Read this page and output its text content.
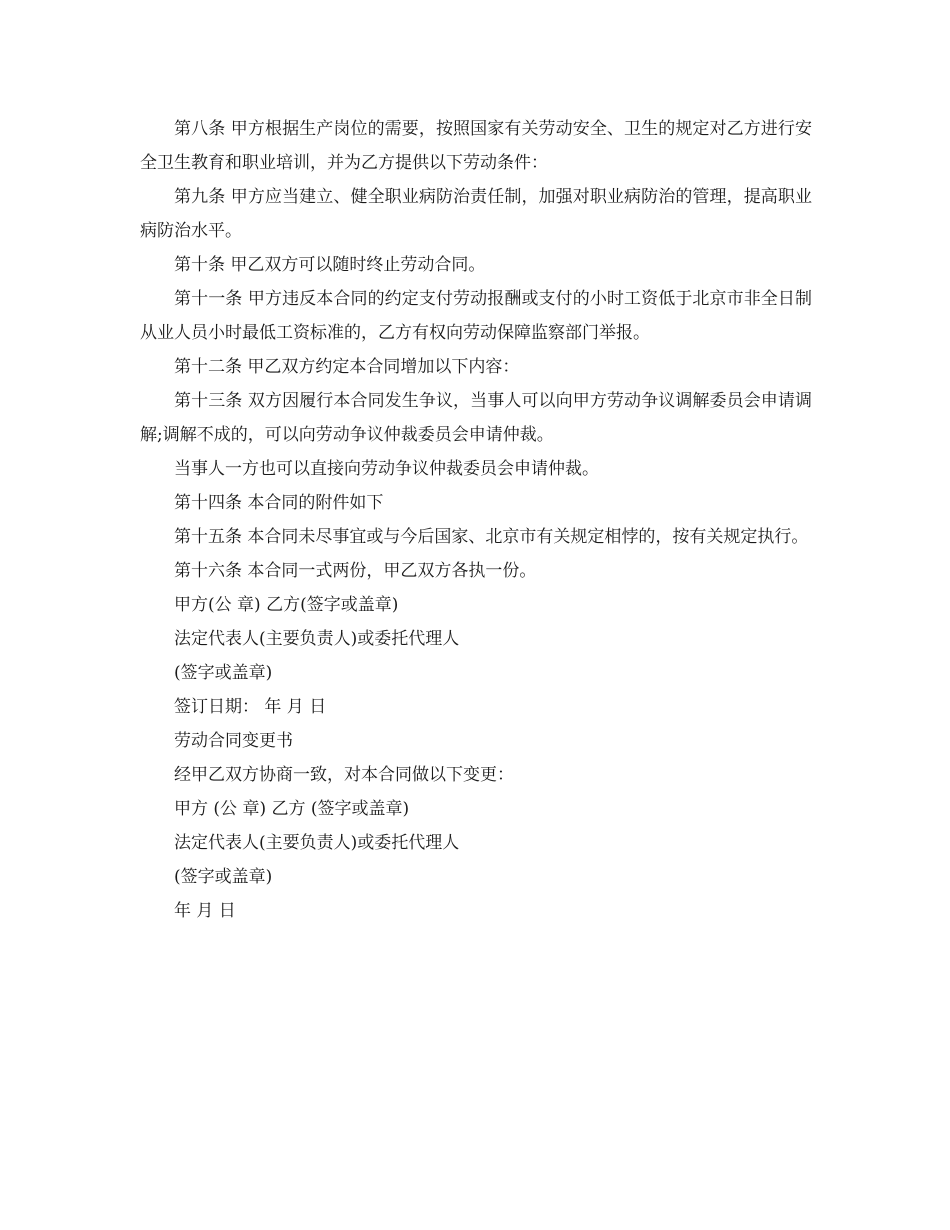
第八条 甲方根据生产岗位的需要，按照国家有关劳动安全、卫生的规定对乙方进行安全卫生教育和职业培训，并为乙方提供以下劳动条件：

第九条 甲方应当建立、健全职业病防治责任制，加强对职业病防治的管理，提高职业病防治水平。

第十条 甲乙双方可以随时终止劳动合同。

第十一条 甲方违反本合同的约定支付劳动报酬或支付的小时工资低于北京市非全日制从业人员小时最低工资标准的，乙方有权向劳动保障监察部门举报。

第十二条 甲乙双方约定本合同增加以下内容：

第十三条 双方因履行本合同发生争议，当事人可以向甲方劳动争议调解委员会申请调解;调解不成的，可以向劳动争议仲裁委员会申请仲裁。

当事人一方也可以直接向劳动争议仲裁委员会申请仲裁。

第十四条 本合同的附件如下

第十五条 本合同未尽事宜或与今后国家、北京市有关规定相悖的，按有关规定执行。

第十六条 本合同一式两份，甲乙双方各执一份。

甲方(公 章) 乙方(签字或盖章)

法定代表人(主要负责人)或委托代理人

(签字或盖章)

签订日期： 年 月 日

劳动合同变更书

经甲乙双方协商一致，对本合同做以下变更：

甲方 (公 章) 乙方 (签字或盖章)

法定代表人(主要负责人)或委托代理人

(签字或盖章)

年 月 日
